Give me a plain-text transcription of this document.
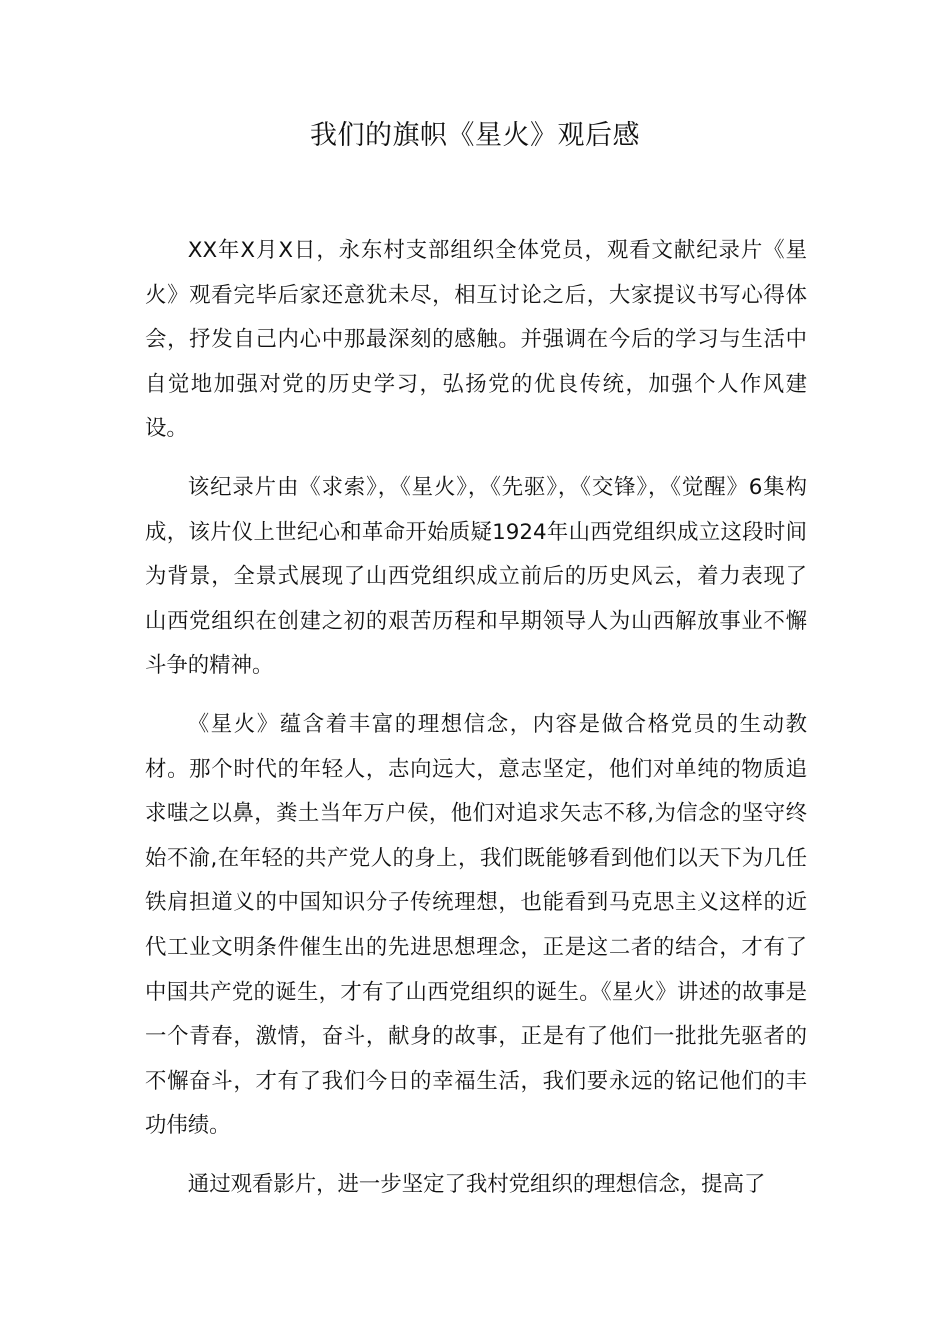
我们的旗帜《星火》观后感

XX年X月X日，永东村支部组织全体党员，观看文献纪录片《星火》观看完毕后家还意犹未尽，相互讨论之后，大家提议书写心得体会，抒发自己内心中那最深刻的感触。并强调在今后的学习与生活中自觉地加强对党的历史学习，弘扬党的优良传统，加强个人作风建设。

该纪录片由《求索》，《星火》，《先驱》，《交锋》，《觉醒》6集构成，该片仪上世纪心和革命开始质疑1924年山西党组织成立这段时间为背景，全景式展现了山西党组织成立前后的历史风云，着力表现了山西党组织在创建之初的艰苦历程和早期领导人为山西解放事业不懈斗争的精神。

《星火》蕴含着丰富的理想信念，内容是做合格党员的生动教材。那个时代的年轻人，志向远大，意志坚定，他们对单纯的物质追求嗤之以鼻，粪土当年万户侯，他们对追求矢志不移,为信念的坚守终始不渝,在年轻的共产党人的身上，我们既能够看到他们以天下为几任铁肩担道义的中国知识分子传统理想，也能看到马克思主义这样的近代工业文明条件催生出的先进思想理念，正是这二者的结合，才有了中国共产党的诞生，才有了山西党组织的诞生。《星火》讲述的故事是一个青春，激情，奋斗，献身的故事，正是有了他们一批批先驱者的不懈奋斗，才有了我们今日的幸福生活，我们要永远的铭记他们的丰功伟绩。

通过观看影片，进一步坚定了我村党组织的理想信念，提高了
